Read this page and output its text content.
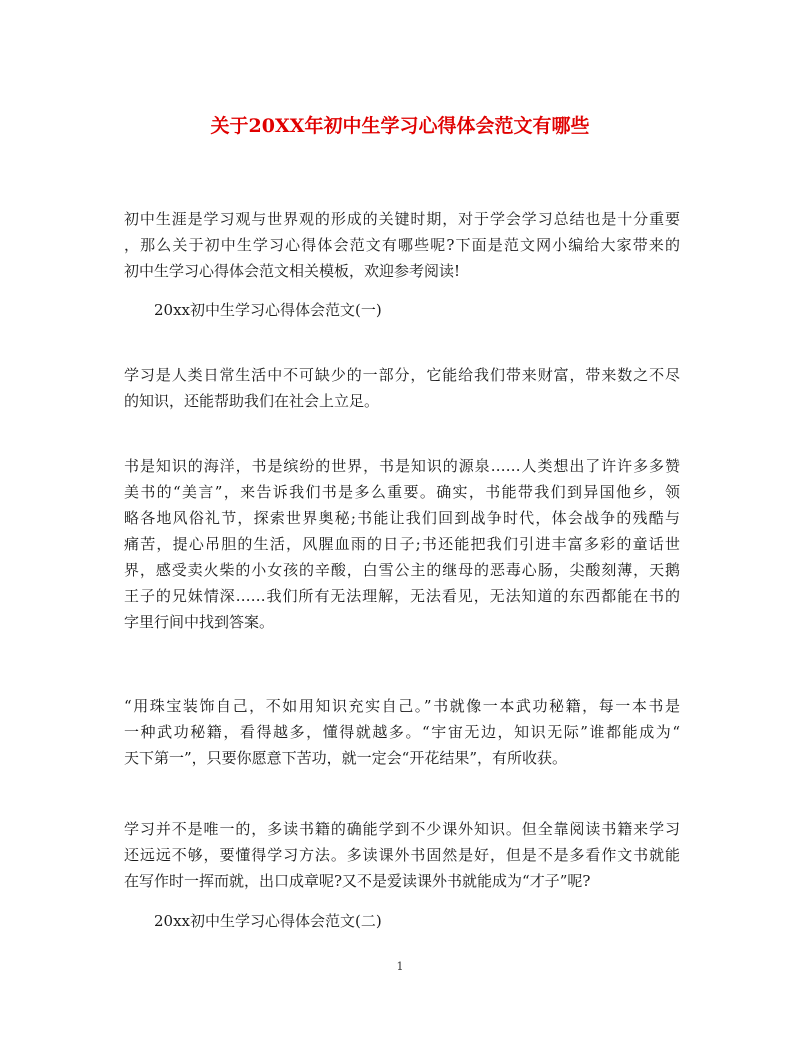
关于20XX年初中生学习心得体会范文有哪些
初中生涯是学习观与世界观的形成的关键时期，对于学会学习总结也是十分重要
，那么关于初中生学习心得体会范文有哪些呢?下面是范文网小编给大家带来的
初中生学习心得体会范文相关模板，欢迎参考阅读!
20xx初中生学习心得体会范文(一)
学习是人类日常生活中不可缺少的一部分，它能给我们带来财富，带来数之不尽
的知识，还能帮助我们在社会上立足。
书是知识的海洋，书是缤纷的世界，书是知识的源泉……人类想出了许许多多赞
美书的“美言”，来告诉我们书是多么重要。确实，书能带我们到异国他乡，领
略各地风俗礼节，探索世界奥秘;书能让我们回到战争时代，体会战争的残酷与
痛苦，提心吊胆的生活，风腥血雨的日子;书还能把我们引进丰富多彩的童话世
界，感受卖火柴的小女孩的辛酸，白雪公主的继母的恶毒心肠，尖酸刻薄，天鹅
王子的兄妹情深……我们所有无法理解，无法看见，无法知道的东西都能在书的
字里行间中找到答案。
“用珠宝装饰自己，不如用知识充实自己。”书就像一本武功秘籍，每一本书是
一种武功秘籍，看得越多，懂得就越多。“宇宙无边，知识无际”谁都能成为“
天下第一”，只要你愿意下苦功，就一定会“开花结果”，有所收获。
学习并不是唯一的，多读书籍的确能学到不少课外知识。但全靠阅读书籍来学习
还远远不够，要懂得学习方法。多读课外书固然是好，但是不是多看作文书就能
在写作时一挥而就，出口成章呢?又不是爱读课外书就能成为“才子”呢?
20xx初中生学习心得体会范文(二)
1
